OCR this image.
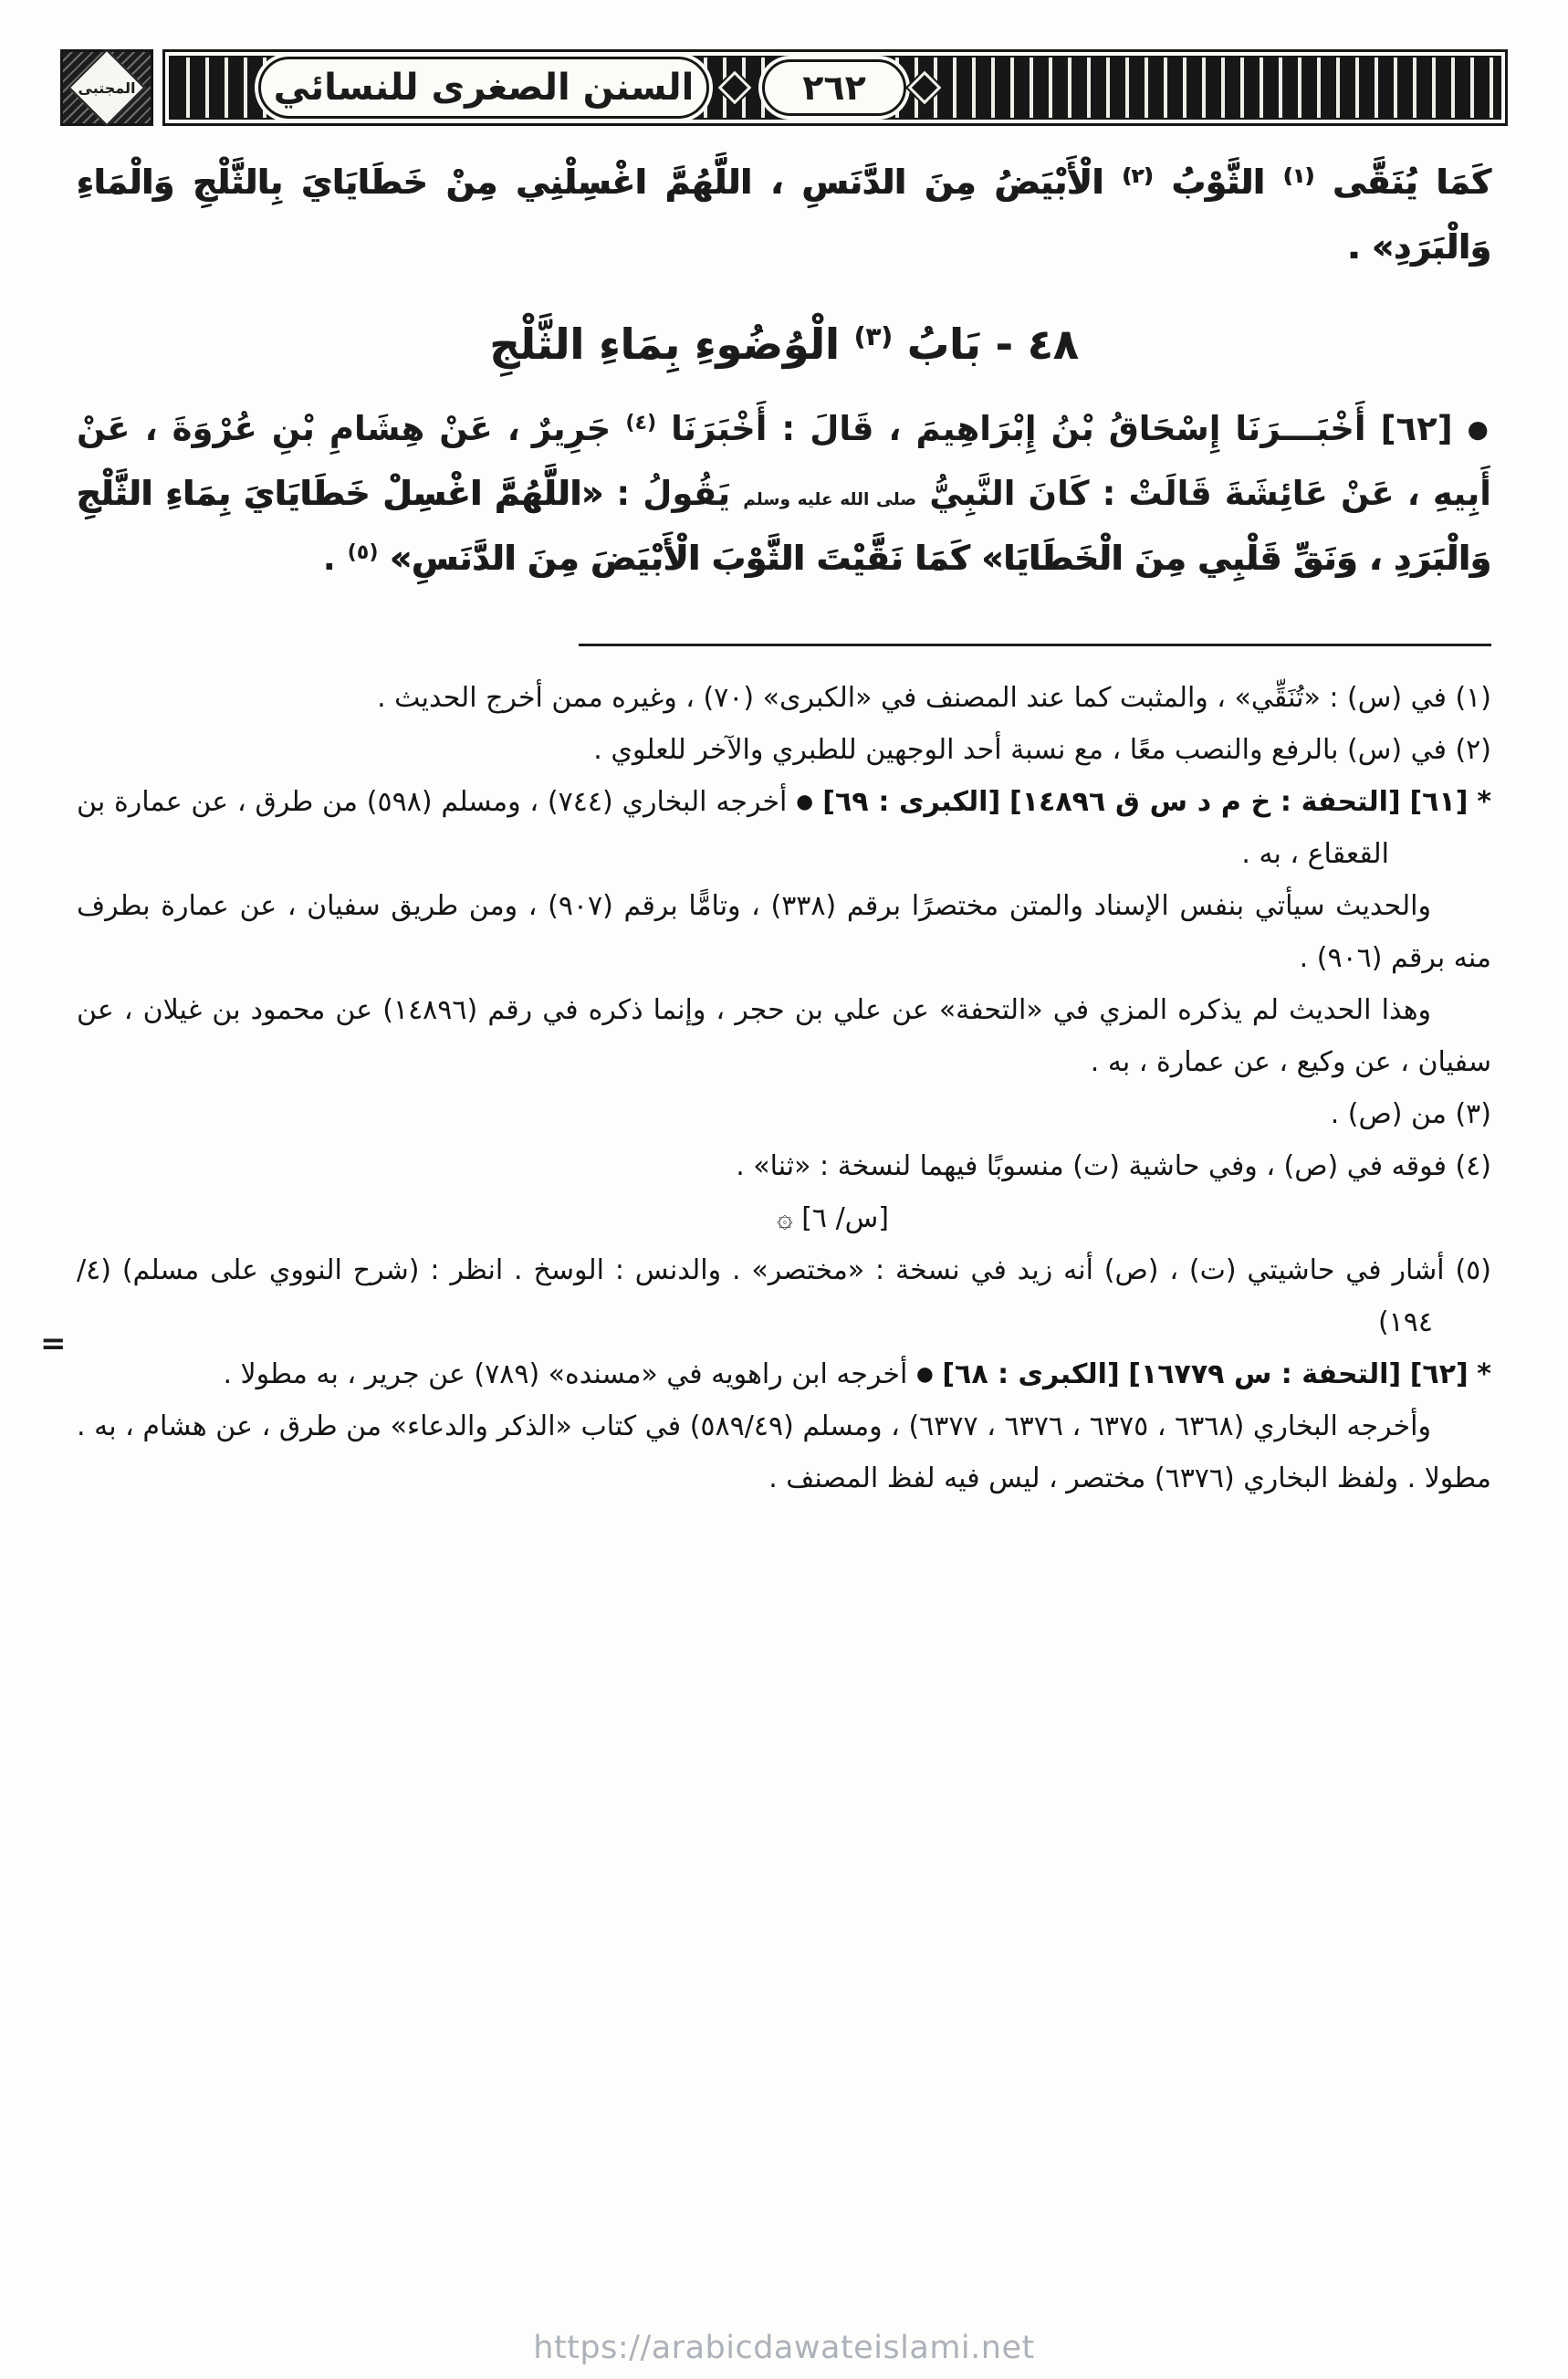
المجتبى	السنن الصغرى للنسائي	٢٦٢

كَمَا يُنَقَّى $^{(١)}$ الثَّوْبُ $^{(٢)}$ الْأَبْيَضُ مِنَ الدَّنَسِ ، اللَّهُمَّ اغْسِلْنِي مِنْ خَطَايَايَ بِالثَّلْجِ وَالْمَاءِ وَالْبَرَدِ» .

٤٨ - بَابُ $^{(٣)}$ الْوُضُوءِ بِمَاءِ الثَّلْجِ

● [٦٢] أَخْبَـــرَنَا إِسْحَاقُ بْنُ إِبْرَاهِيمَ ، قَالَ : أَخْبَرَنَا $^{(٤)}$ جَرِيرٌ ، عَنْ هِشَامِ بْنِ عُرْوَةَ ، عَنْ أَبِيهِ ، عَنْ عَائِشَةَ قَالَتْ : كَانَ النَّبِيُّ صلى الله عليه وسلم يَقُولُ : «اللَّهُمَّ اغْسِلْ خَطَايَايَ بِمَاءِ الثَّلْجِ وَالْبَرَدِ ، وَنَقِّ قَلْبِي مِنَ الْخَطَايَا» كَمَا نَقَّيْتَ الثَّوْبَ الْأَبْيَضَ مِنَ الدَّنَسِ» $^{(٥)}$ .

(١) في (س) : «تُنَقِّي» ، والمثبت كما عند المصنف في «الكبرى» (٧٠) ، وغيره ممن أخرج الحديث .

(٢) في (س) بالرفع والنصب معًا ، مع نسبة أحد الوجهين للطبري والآخر للعلوي .

* [٦١] [التحفة : خ م د س ق ١٤٨٩٦] [الكبرى : ٦٩] ● أخرجه البخاري (٧٤٤) ، ومسلم (٥٩٨) من طرق ، عن عمارة بن القعقاع ، به .

والحديث سيأتي بنفس الإسناد والمتن مختصرًا برقم (٣٣٨) ، وتامًّا برقم (٩٠٧) ، ومن طريق سفيان ، عن عمارة بطرف منه برقم (٩٠٦) .

وهذا الحديث لم يذكره المزي في «التحفة» عن علي بن حجر ، وإنما ذكره في رقم (١٤٨٩٦) عن محمود بن غيلان ، عن سفيان ، عن وكيع ، عن عمارة ، به .

(٣) من (ص) .

(٤) فوقه في (ص) ، وفي حاشية (ت) منسوبًا فيهما لنسخة : «ثنا» .

[س/ ٦] ۞

(٥) أشار في حاشيتي (ت) ، (ص) أنه زيد في نسخة : «مختصر» . والدنس : الوسخ . انظر : (شرح النووي على مسلم) (٤/ ١٩٤)

* [٦٢] [التحفة : س ١٦٧٧٩] [الكبرى : ٦٨] ● أخرجه ابن راهويه في «مسنده» (٧٨٩) عن جرير ، به مطولا .

وأخرجه البخاري (٦٣٦٨ ، ٦٣٧٥ ، ٦٣٧٦ ، ٦٣٧٧) ، ومسلم (٥٨٩/٤٩) في كتاب «الذكر والدعاء» من طرق ، عن هشام ، به . مطولا . ولفظ البخاري (٦٣٧٦) مختصر ، ليس فيه لفظ المصنف .

=
https://arabicdawateislami.net
